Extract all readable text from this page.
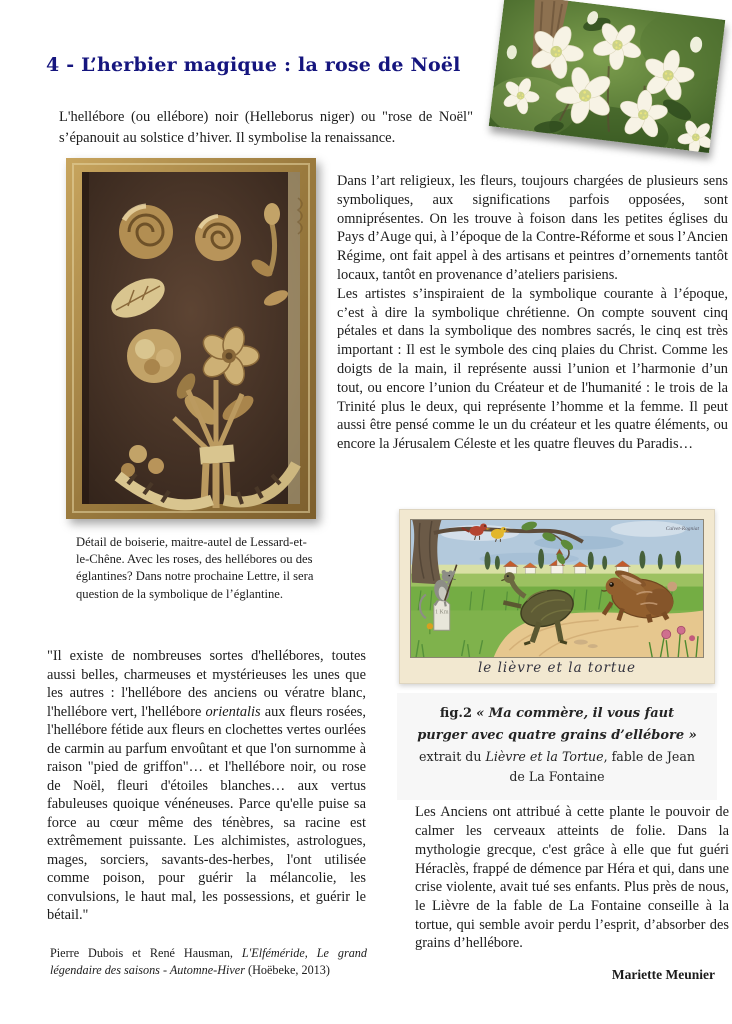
4 - L’herbier magique : la rose de Noël

L'hellébore (ou ellébore) noir (Helleborus niger) ou "rose de Noël" s’épanouit au solstice d’hiver. Il symbolise la renaissance.

Détail de boiserie, maitre-autel de Lessard-et-le-Chêne. Avec les roses, des hellébores ou des églantines? Dans notre prochaine Lettre, il sera question de la symbolique de l’églantine.

Dans l’art religieux, les fleurs, toujours chargées de plusieurs sens symboliques, aux significations parfois opposées, sont omniprésentes. On les trouve à foison dans les petites églises du Pays d’Auge qui, à l’époque de la Contre-Réforme et sous l’Ancien Régime, ont fait appel à des artisans et peintres d’ornements tantôt locaux, tantôt en provenance d’ateliers parisiens.

Les artistes s’inspiraient de la symbolique courante à l’époque, c’est à dire la symbolique chrétienne. On compte souvent cinq pétales et dans la symbolique des nombres sacrés, le cinq est très important : Il est le symbole des cinq plaies du Christ. Comme les doigts de la main, il représente aussi l’union et l’harmonie d’un tout, ou encore l’union du Créateur et de l'humanité : le trois de la Trinité plus le deux, qui représente l’homme et la femme. Il peut aussi être pensé comme le un du créateur et les quatre éléments, ou encore la Jérusalem Céleste et les quatre fleuves du Paradis…

"Il existe de nombreuses sortes d'hellébores, toutes aussi belles, charmeuses et mystérieuses les unes que les autres : l'hellébore des anciens ou vératre blanc, l'hellébore vert, l'hellébore orientalis aux fleurs rosées, l'hellébore fétide aux fleurs en clochettes vertes ourlées de carmin au parfum envoûtant et que l'on surnomme à raison "pied de griffon"… et l'hellébore noir, ou rose de Noël, fleuri d'étoiles blanches… aux vertus fabuleuses quoique vénéneuses. Parce qu'elle puise sa force au cœur même des ténèbres, sa racine est extrêmement puissante. Les alchimistes, astrologues, mages, sorciers, savants-des-herbes, l'ont utilisée comme poison, pour guérir la mélancolie, les convulsions, le haut mal, les possessions, et guérir le bétail."

Pierre Dubois et René Hausman, L'Elféméride, Le grand légendaire des saisons - Automne-Hiver (Hoëbeke, 2013)

1 Km
Calvet-Rogniat
le lièvre et la tortue
fig.2 « Ma commère, il vous faut
purger avec quatre grains d’ellébore »
extrait du Lièvre et la Tortue, fable de Jean
de La Fontaine

Les Anciens ont attribué à cette plante le pouvoir de calmer les cerveaux atteints de folie. Dans la mythologie grecque, c'est grâce à elle que fut guéri Héraclès, frappé de démence par Héra et qui, dans une crise violente, avait tué ses enfants. Plus près de nous, le Lièvre de la fable de La Fontaine conseille à la tortue, qui semble avoir perdu l’esprit, d’absorber des grains d’hellébore.

Mariette Meunier
